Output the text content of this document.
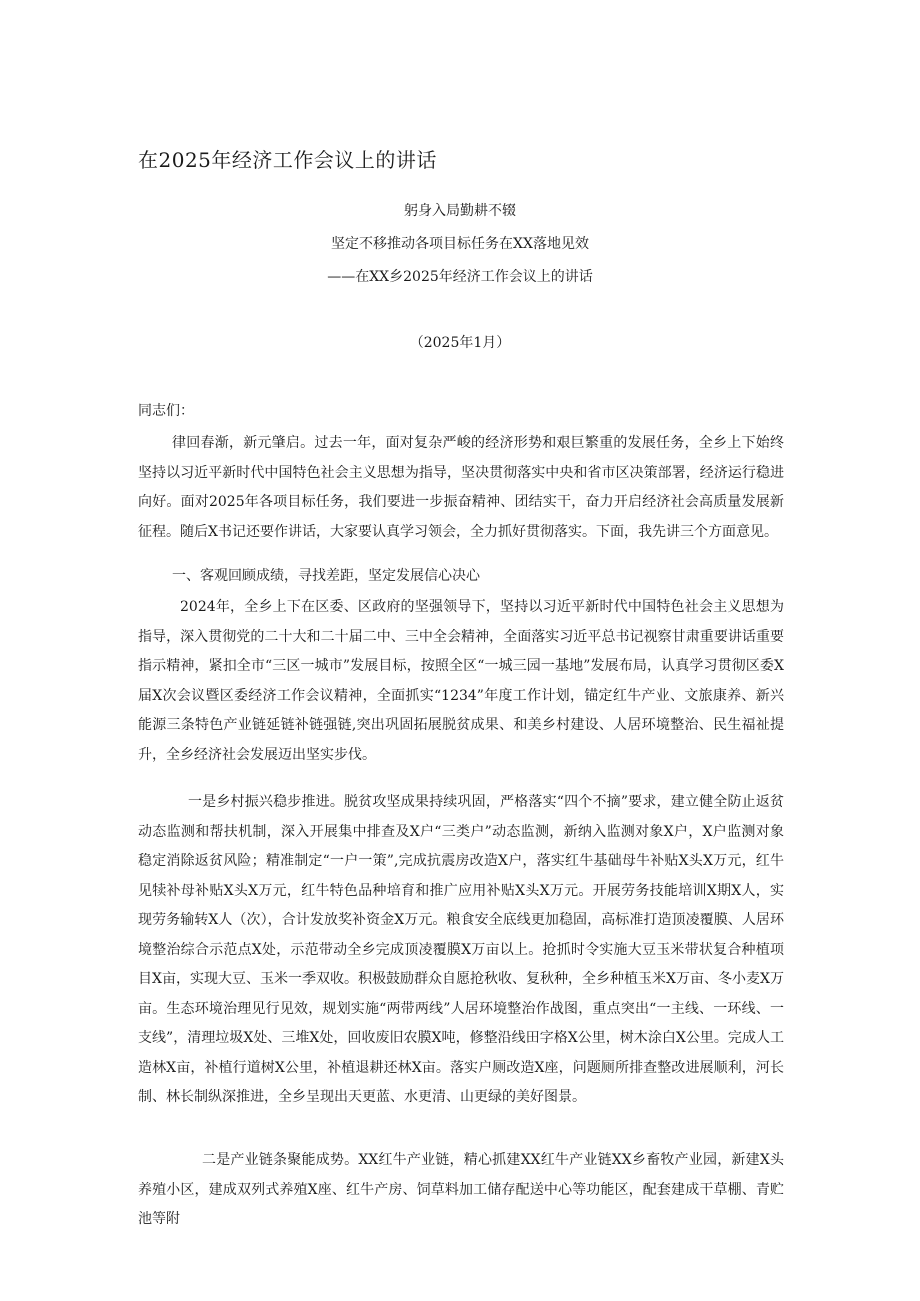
在2025年经济工作会议上的讲话

躬身入局勤耕不辍

坚定不移推动各项目标任务在XX落地见效

——在XX乡2025年经济工作会议上的讲话

（2025年1月）

同志们：

律回春渐，新元肇启。过去一年，面对复杂严峻的经济形势和艰巨繁重的发展任务，全乡上下始终坚持以习近平新时代中国特色社会主义思想为指导，坚决贯彻落实中央和省市区决策部署，经济运行稳进向好。面对2025年各项目标任务，我们要进一步振奋精神、团结实干，奋力开启经济社会高质量发展新征程。随后X书记还要作讲话，大家要认真学习领会，全力抓好贯彻落实。下面，我先讲三个方面意见。

一、客观回顾成绩，寻找差距，坚定发展信心决心

2024年，全乡上下在区委、区政府的坚强领导下，坚持以习近平新时代中国特色社会主义思想为指导，深入贯彻党的二十大和二十届二中、三中全会精神，全面落实习近平总书记视察甘肃重要讲话重要指示精神，紧扣全市“三区一城市”发展目标，按照全区“一城三园一基地”发展布局，认真学习贯彻区委X届X次会议暨区委经济工作会议精神，全面抓实“1234”年度工作计划，锚定红牛产业、文旅康养、新兴能源三条特色产业链延链补链强链,突出巩固拓展脱贫成果、和美乡村建设、人居环境整治、民生福祉提升，全乡经济社会发展迈出坚实步伐。

一是乡村振兴稳步推进。脱贫攻坚成果持续巩固，严格落实“四个不摘”要求，建立健全防止返贫动态监测和帮扶机制，深入开展集中排查及X户“三类户”动态监测，新纳入监测对象X户，X户监测对象稳定消除返贫风险；精准制定“一户一策”,完成抗震房改造X户，落实红牛基础母牛补贴X头X万元，红牛见犊补母补贴X头X万元，红牛特色品种培育和推广应用补贴X头X万元。开展劳务技能培训X期X人，实现劳务输转X人（次），合计发放奖补资金X万元。粮食安全底线更加稳固，高标准打造顶凌覆膜、人居环境整治综合示范点X处，示范带动全乡完成顶凌覆膜X万亩以上。抢抓时令实施大豆玉米带状复合种植项目X亩，实现大豆、玉米一季双收。积极鼓励群众自愿抢秋收、复秋种，全乡种植玉米X万亩、冬小麦X万亩。生态环境治理见行见效，规划实施“两带两线”人居环境整治作战图，重点突出“一主线、一环线、一支线”，清理垃圾X处、三堆X处，回收废旧农膜X吨，修整沿线田字格X公里，树木涂白X公里。完成人工造林X亩，补植行道树X公里，补植退耕还林X亩。落实户厕改造X座，问题厕所排查整改进展顺利，河长制、林长制纵深推进，全乡呈现出天更蓝、水更清、山更绿的美好图景。

二是产业链条聚能成势。XX红牛产业链，精心抓建XX红牛产业链XX乡畜牧产业园，新建X头养殖小区，建成双列式养殖X座、红牛产房、饲草料加工储存配送中心等功能区，配套建成干草棚、青贮池等附
